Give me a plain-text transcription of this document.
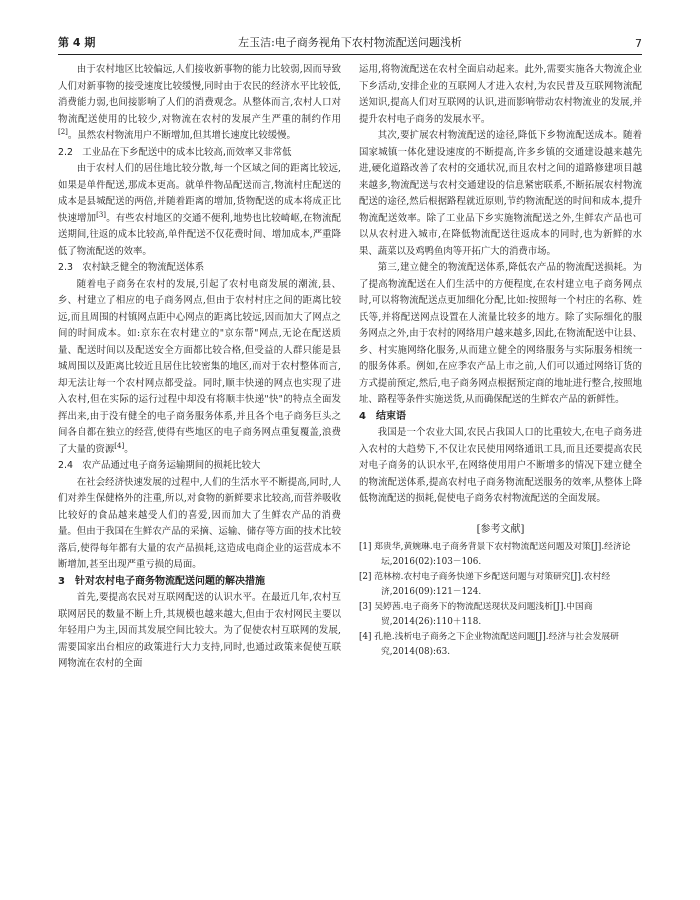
第 4 期	左玉洁:电子商务视角下农村物流配送问题浅析	7

由于农村地区比较偏远,人们接收新事物的能力比较弱,因而导致人们对新事物的接受速度比较缓慢,同时由于农民的经济水平比较低,消费能力弱,也间接影响了人们的消费观念。从整体而言,农村人口对物流配送使用的比较少,对物流在农村的发展产生严重的制约作用[2]。虽然农村物流用户不断增加,但其增长速度比较缓慢。

2.2　工业品在下乡配送中的成本比较高,而效率又非常低

由于农村人们的居住地比较分散,每一个区域之间的距离比较远,如果是单件配送,那成本更高。就单件物品配送而言,物流村庄配送的成本是县城配送的两倍,并随着距离的增加,货物配送的成本将成正比快速增加[3]。有些农村地区的交通不便利,地势也比较崎岖,在物流配送期间,往返的成本比较高,单件配送不仅花费时间、增加成本,严重降低了物流配送的效率。

2.3　农村缺乏健全的物流配送体系

随着电子商务在农村的发展,引起了农村电商发展的潮流,县、乡、村建立了相应的电子商务网点,但由于农村村庄之间的距离比较远,而且周围的村镇网点距中心网点的距离比较远,因而加大了网点之间的时间成本。如:京东在农村建立的"京东帮"网点,无论在配送质量、配送时间以及配送安全方面都比较合格,但受益的人群只能是县城周围以及距离比较近且居住比较密集的地区,而对于农村整体而言,却无法让每一个农村网点都受益。同时,顺丰快递的网点也实现了进入农村,但在实际的运行过程中却没有将顺丰快递"快"的特点全面发挥出来,由于没有健全的电子商务服务体系,并且各个电子商务巨头之间各自都在独立的经营,使得有些地区的电子商务网点重复覆盖,浪费了大量的资源[4]。

2.4　农产品通过电子商务运输期间的损耗比较大

在社会经济快速发展的过程中,人们的生活水平不断提高,同时,人们对养生保健格外的注重,所以,对食物的新鲜要求比较高,而营养吸收比较好的食品越来越受人们的喜爱,因而加大了生鲜农产品的消费量。但由于我国在生鲜农产品的采摘、运输、储存等方面的技术比较落后,使得每年都有大量的农产品损耗,这造成电商企业的运营成本不断增加,甚至出现严重亏损的局面。

3　针对农村电子商务物流配送问题的解决措施

首先,要提高农民对互联网配送的认识水平。在最近几年,农村互联网居民的数量不断上升,其规模也越来越大,但由于农村网民主要以年轻用户为主,因而其发展空间比较大。为了促使农村互联网的发展,需要国家出台相应的政策进行大力支持,同时,也通过政策来促使互联网物流在农村的全面

运用,将物流配送在农村全面启动起来。此外,需要实施各大物流企业下乡活动,安排企业的互联网人才进入农村,为农民普及互联网物流配送知识,提高人们对互联网的认识,进而影响带动农村物流业的发展,并提升农村电子商务的发展水平。

其次,要扩展农村物流配送的途径,降低下乡物流配送成本。随着国家城镇一体化建设速度的不断提高,许多乡镇的交通建设越来越先进,硬化道路改善了农村的交通状况,而且农村之间的道路修建项目越来越多,物流配送与农村交通建设的信息紧密联系,不断拓展农村物流配送的途径,然后根据路程就近原则,节约物流配送的时间和成本,提升物流配送效率。除了工业品下乡实施物流配送之外,生鲜农产品也可以从农村进入城市,在降低物流配送往返成本的同时,也为新鲜的水果、蔬菜以及鸡鸭鱼肉等开拓广大的消费市场。

第三,建立健全的物流配送体系,降低农产品的物流配送损耗。为了提高物流配送在人们生活中的方便程度,在农村建立电子商务网点时,可以将物流配送点更加细化分配,比如:按照每一个村庄的名称、姓氏等,并将配送网点设置在人流量比较多的地方。除了实际细化的服务网点之外,由于农村的网络用户越来越多,因此,在物流配送中让县、乡、村实施网络化服务,从而建立健全的网络服务与实际服务相统一的服务体系。例如,在应季农产品上市之前,人们可以通过网络订货的方式提前预定,然后,电子商务网点根据预定商的地址进行整合,按照地址、路程等条件实施送货,从而确保配送的生鲜农产品的新鲜性。

4　结束语

我国是一个农业大国,农民占我国人口的比重较大,在电子商务进入农村的大趋势下,不仅让农民使用网络通讯工具,而且还要提高农民对电子商务的认识水平,在网络使用用户不断增多的情况下建立健全的物流配送体系,提高农村电子商务物流配送服务的效率,从整体上降低物流配送的损耗,促使电子商务农村物流配送的全面发展。

[参考文献]

[1] 郑贵华,黄婉琳.电子商务背景下农村物流配送问题及对策[J].经济论坛,2016(02):103－106.

[2] 范林榜.农村电子商务快递下乡配送问题与对策研究[J].农村经济,2016(09):121－124.

[3] 吴婷茜.电子商务下的物流配送现状及问题浅析[J].中国商贸,2014(26):110＋118.

[4] 孔艳.浅析电子商务之下企业物流配送问题[J].经济与社会发展研究,2014(08):63.
